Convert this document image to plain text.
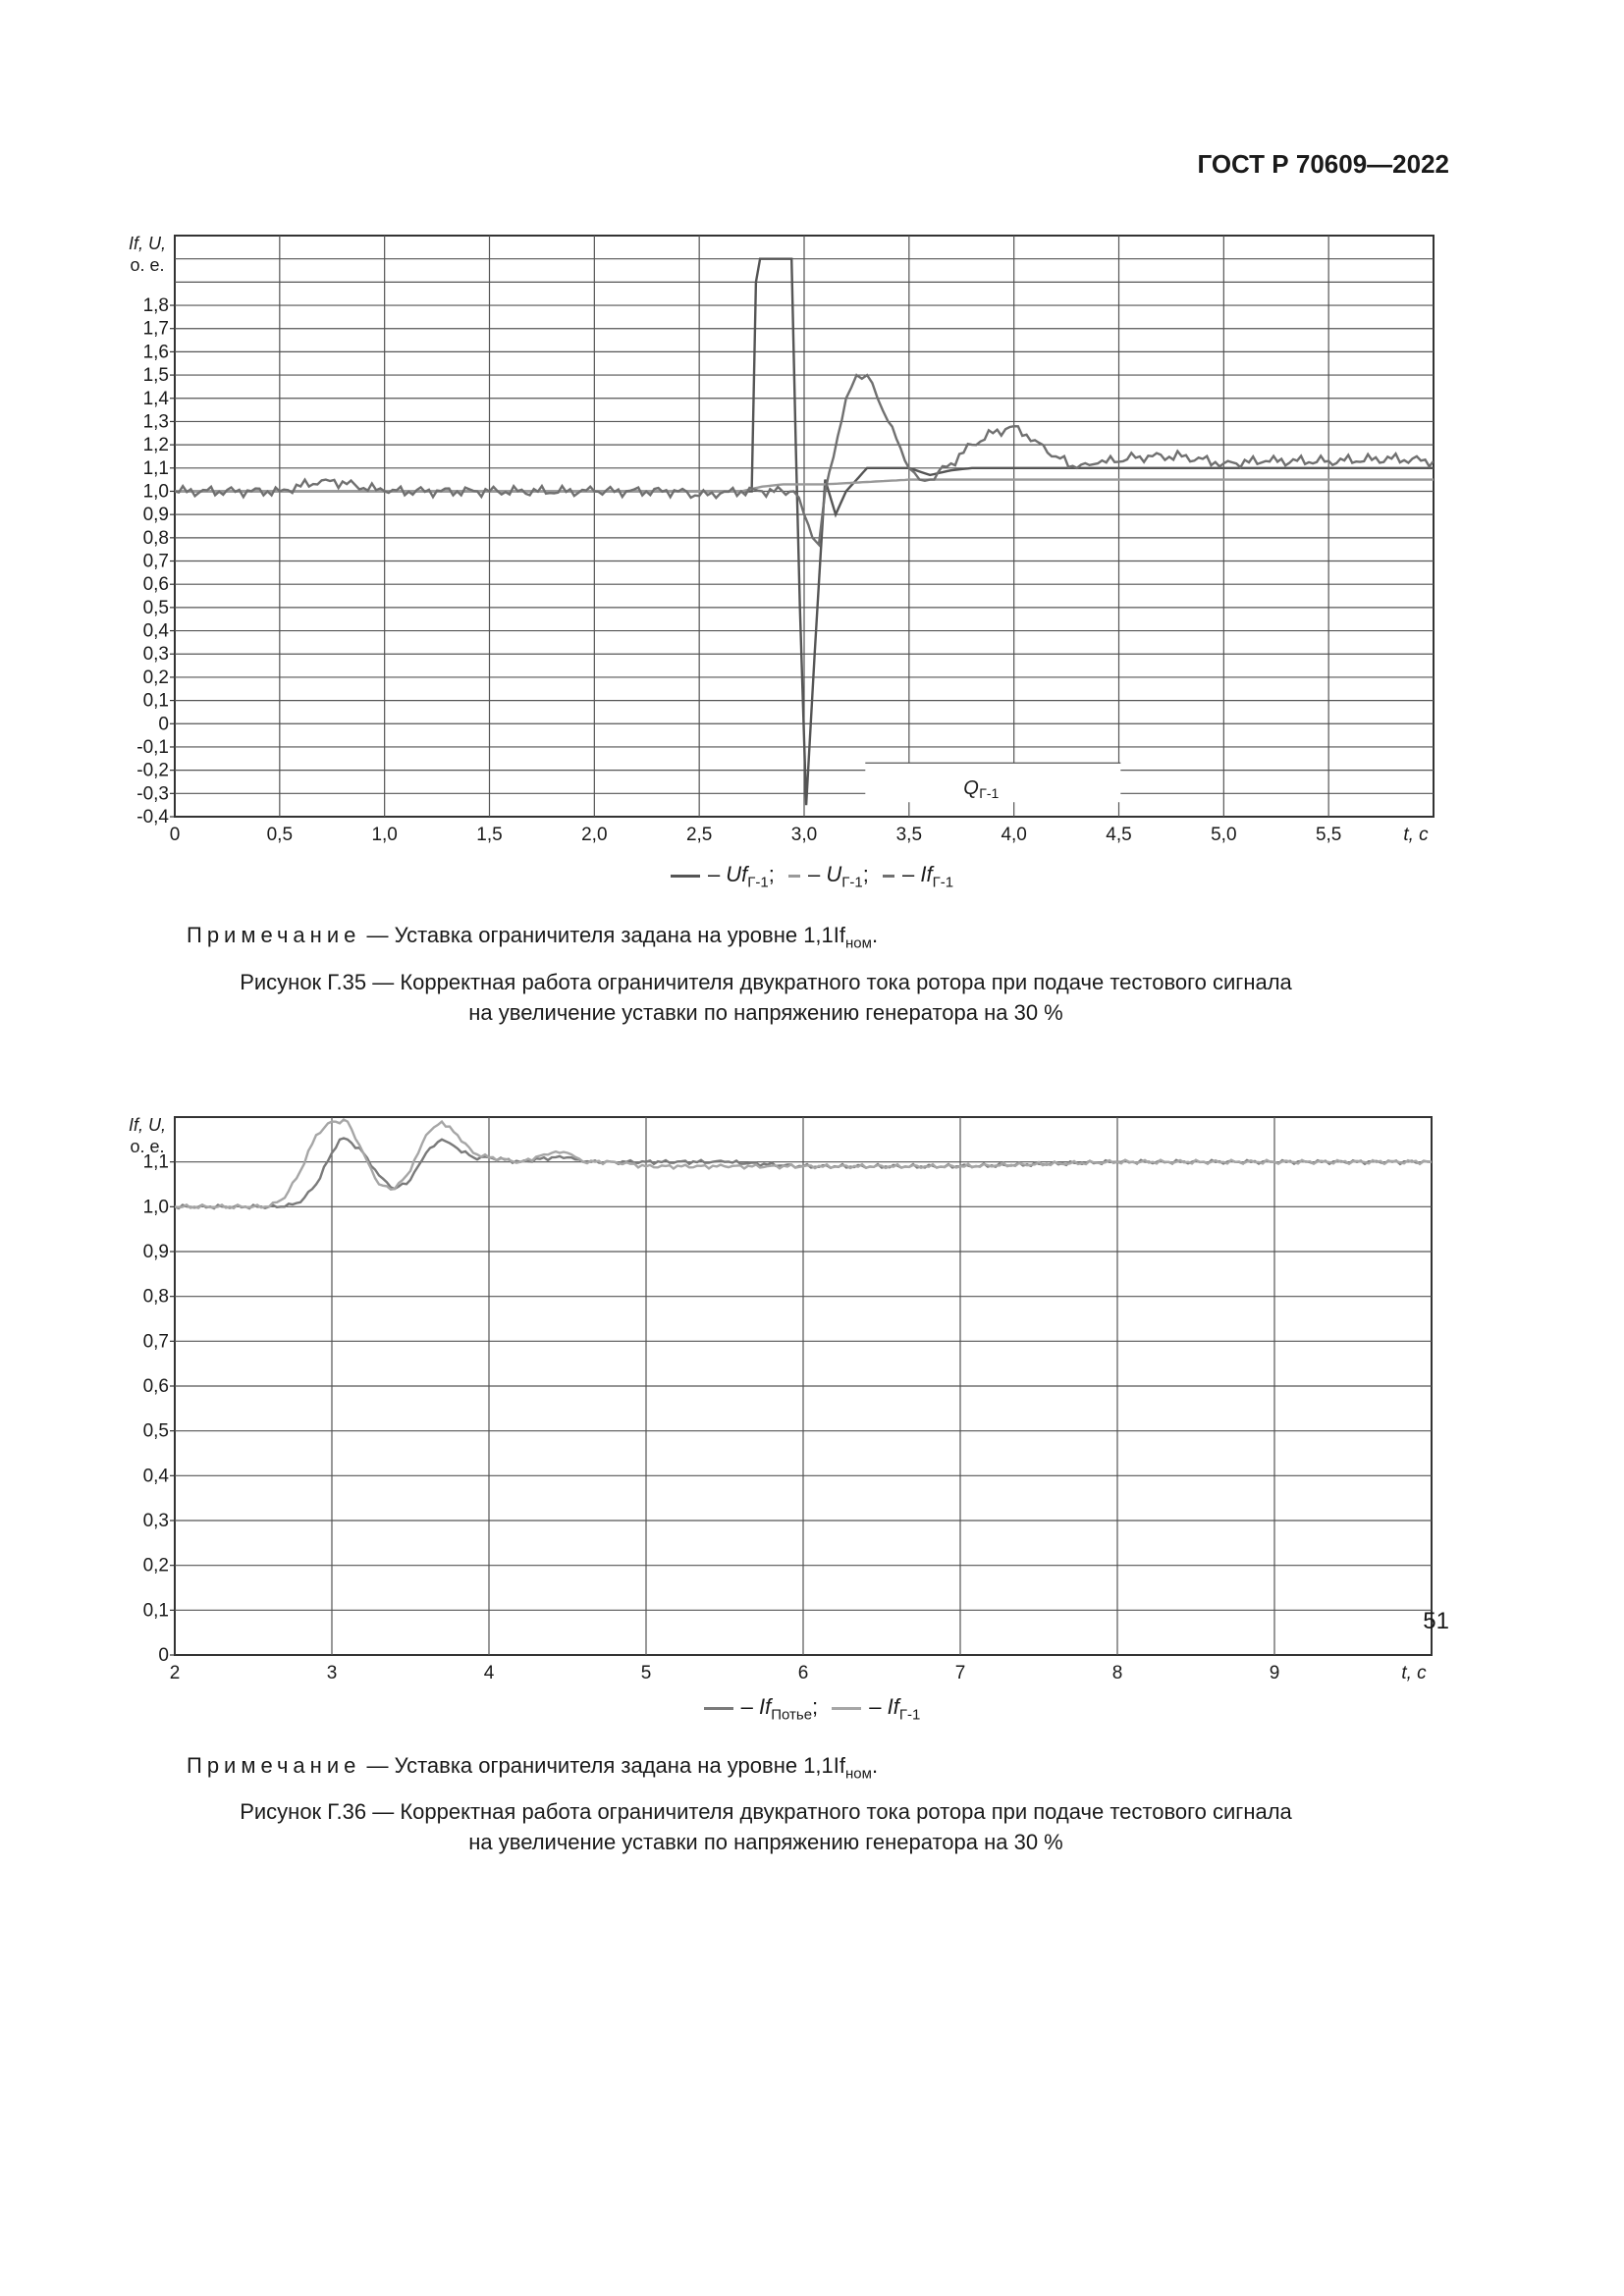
ГОСТ Р 70609—2022
1,8
1,7
1,6
1,5
1,4
1,3
1,2
1,1
1,0
0,9
0,8
0,7
0,6
0,5
0,4
0,3
0,2
0,1
0
-0,1
-0,2
-0,3
-0,4
0	0,5	1,0	1,5	2,0	2,5	3,0	3,5	4,0	4,5	5,0	5,5	t, с
If, U,
о. е.
Q Г-1
– $Uf_{Г-1}$; – $U_{Г-1}$; – $If_{Г-1}$
Примечание — Уставка ограничителя задана на уровне $1,1If_{ном}$.
Рисунок Г.35 — Корректная работа ограничителя двукратного тока ротора при подаче тестового сигнала
на увеличение уставки по напряжению генератора на 30 %
1,1
1,0
0,9
0,8
0,7
0,6
0,5
0,4
0,3
0,2
0,1
0
2	3	4	5	6	7	8	9	t, с
If, U,
о. е.
– $If_{Потье}$; – $If_{Г-1}$
Примечание — Уставка ограничителя задана на уровне $1,1If_{ном}$.
Рисунок Г.36 — Корректная работа ограничителя двукратного тока ротора при подаче тестового сигнала
на увеличение уставки по напряжению генератора на 30 %
51
